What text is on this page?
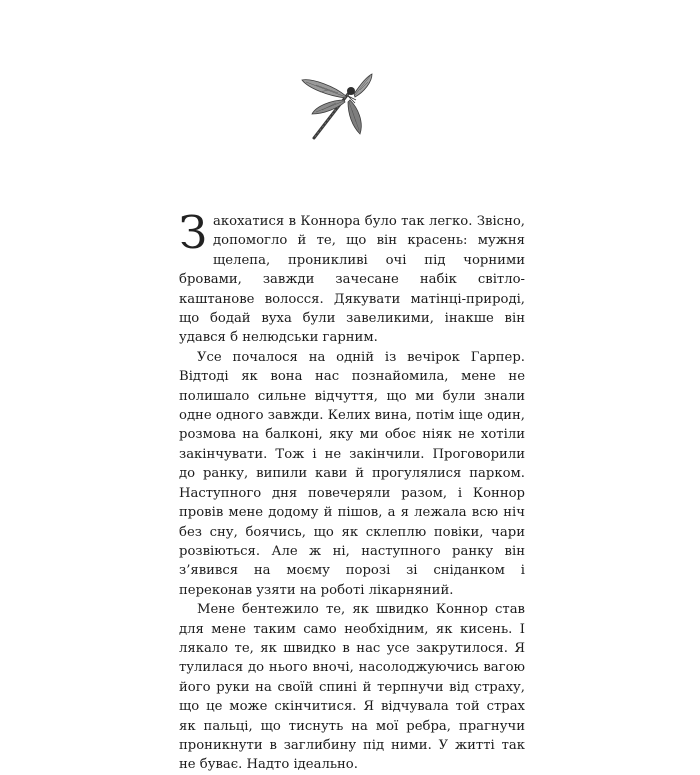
Закохатися в Коннора було так легко. Звісно, допомогло й те, що він красень: мужня щелепа, проникливі очі під чорними бровами, завжди зачесане набік світло-каштанове волосся. Дякувати матінці-природі, що бодай вуха були завеликими, інакше він удався б нелюдськи гарним.

Усе почалося на одній із вечірок Гарпер. Відтоді як вона нас познайомила, мене не полишало сильне відчуття, що ми були знали одне одного завжди. Келих вина, потім іще один, розмова на балконі, яку ми обоє ніяк не хотіли закінчувати. Тож і не закінчили. Проговорили до ранку, випили кави й прогулялися парком. Наступного дня повечеряли разом, і Коннор провів мене додому й пішов, а я лежала всю ніч без сну, боячись, що як склеплю повіки, чари розвіються. Але ж ні, наступного ранку він з’явився на моєму порозі зі сніданком і переконав узяти на роботі лікарняний.

Мене бентежило те, як швидко Коннор став для мене таким само необхідним, як кисень. І лякало те, як швидко в нас усе закрутилося. Я тулилася до нього вночі, насолоджуючись вагою його руки на своїй спині й терпнучи від страху, що це може скінчитися. Я відчувала той страх як пальці, що тиснуть на мої ребра, прагнучи проникнути в заглибину під ними. У житті так не буває. Надто ідеально.
